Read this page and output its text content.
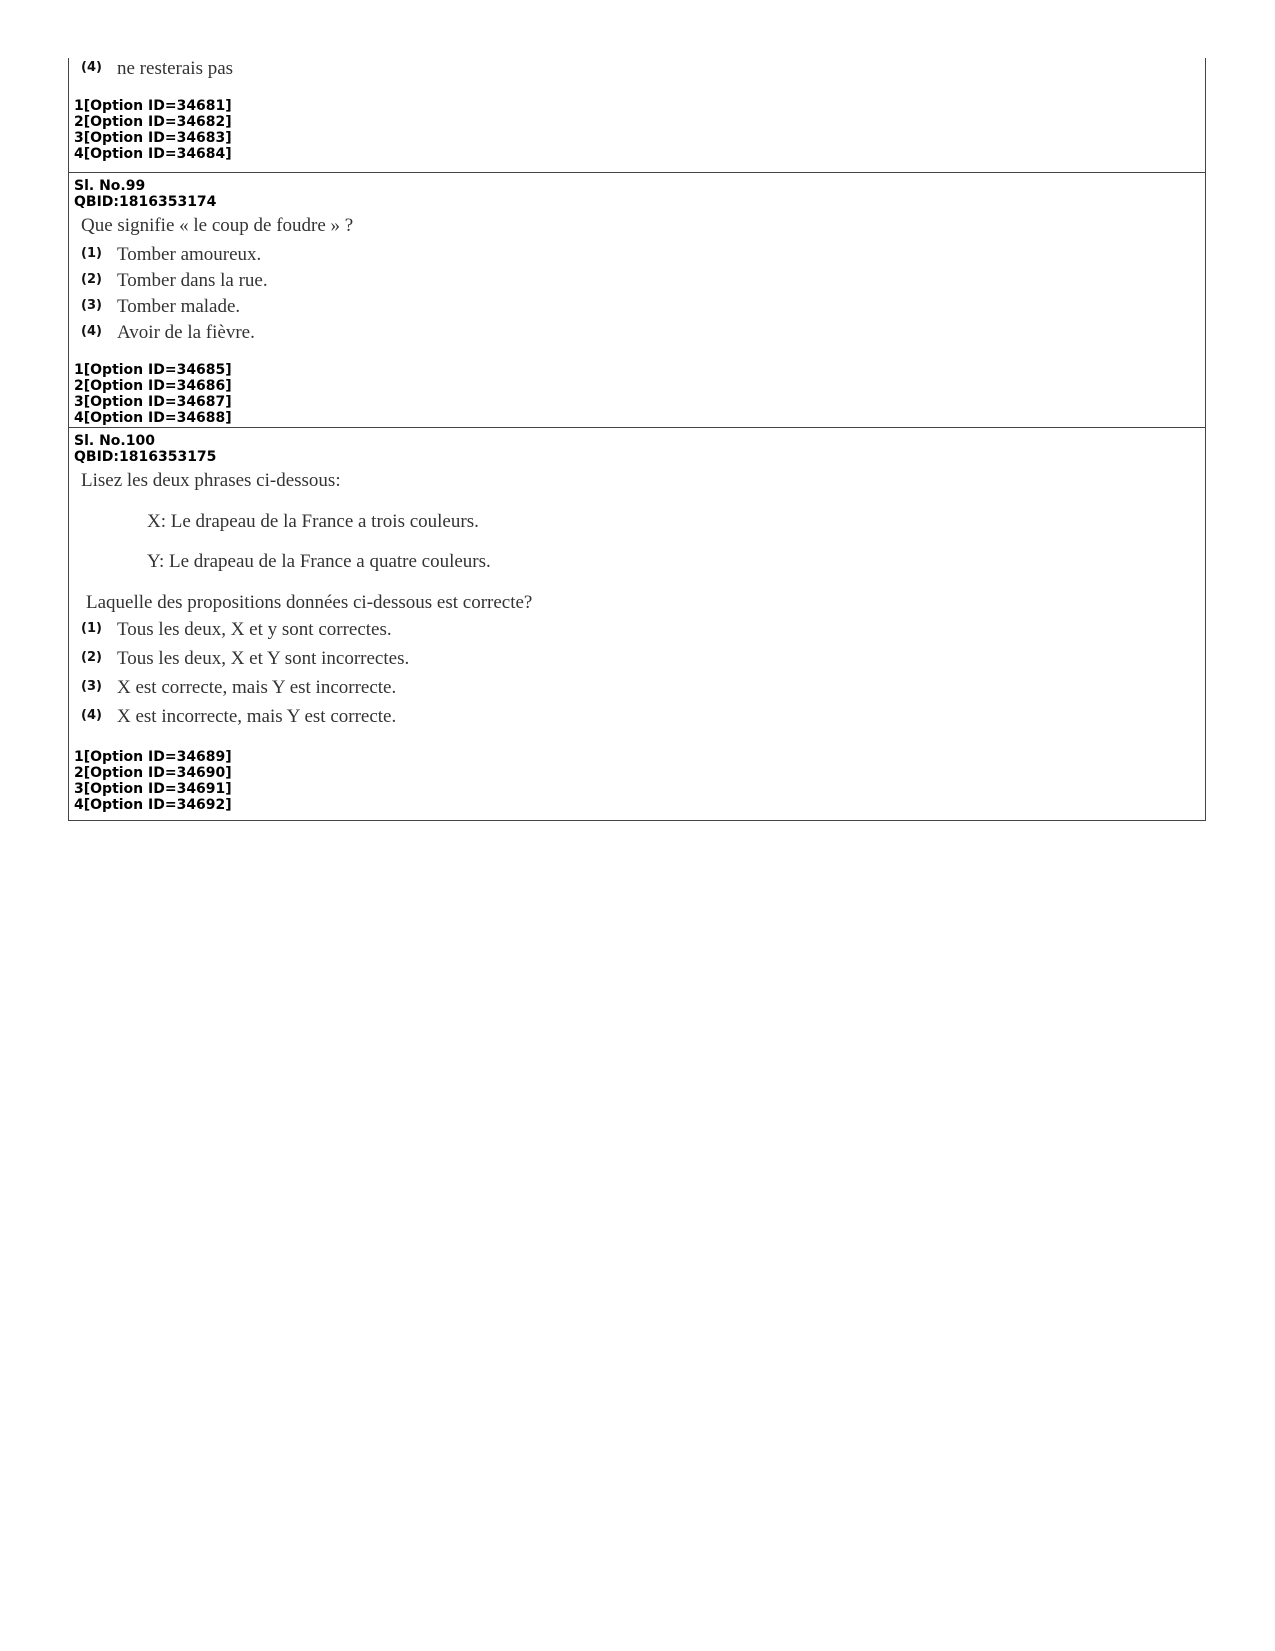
(4) ne resterais pas
1[Option ID=34681]
2[Option ID=34682]
3[Option ID=34683]
4[Option ID=34684]
Sl. No.99
QBID:1816353174
Que signifie « le coup de foudre » ?
(1) Tomber amoureux.
(2) Tomber dans la rue.
(3) Tomber malade.
(4) Avoir de la fièvre.
1[Option ID=34685]
2[Option ID=34686]
3[Option ID=34687]
4[Option ID=34688]
Sl. No.100
QBID:1816353175
Lisez les deux phrases ci-dessous:
X: Le drapeau de la France a trois couleurs.
Y: Le drapeau de la France a quatre couleurs.
Laquelle des propositions données ci-dessous est correcte?
(1) Tous les deux, X et y sont correctes.
(2) Tous les deux, X et Y sont incorrectes.
(3) X est correcte, mais Y est incorrecte.
(4) X est incorrecte, mais Y est correcte.
1[Option ID=34689]
2[Option ID=34690]
3[Option ID=34691]
4[Option ID=34692]
